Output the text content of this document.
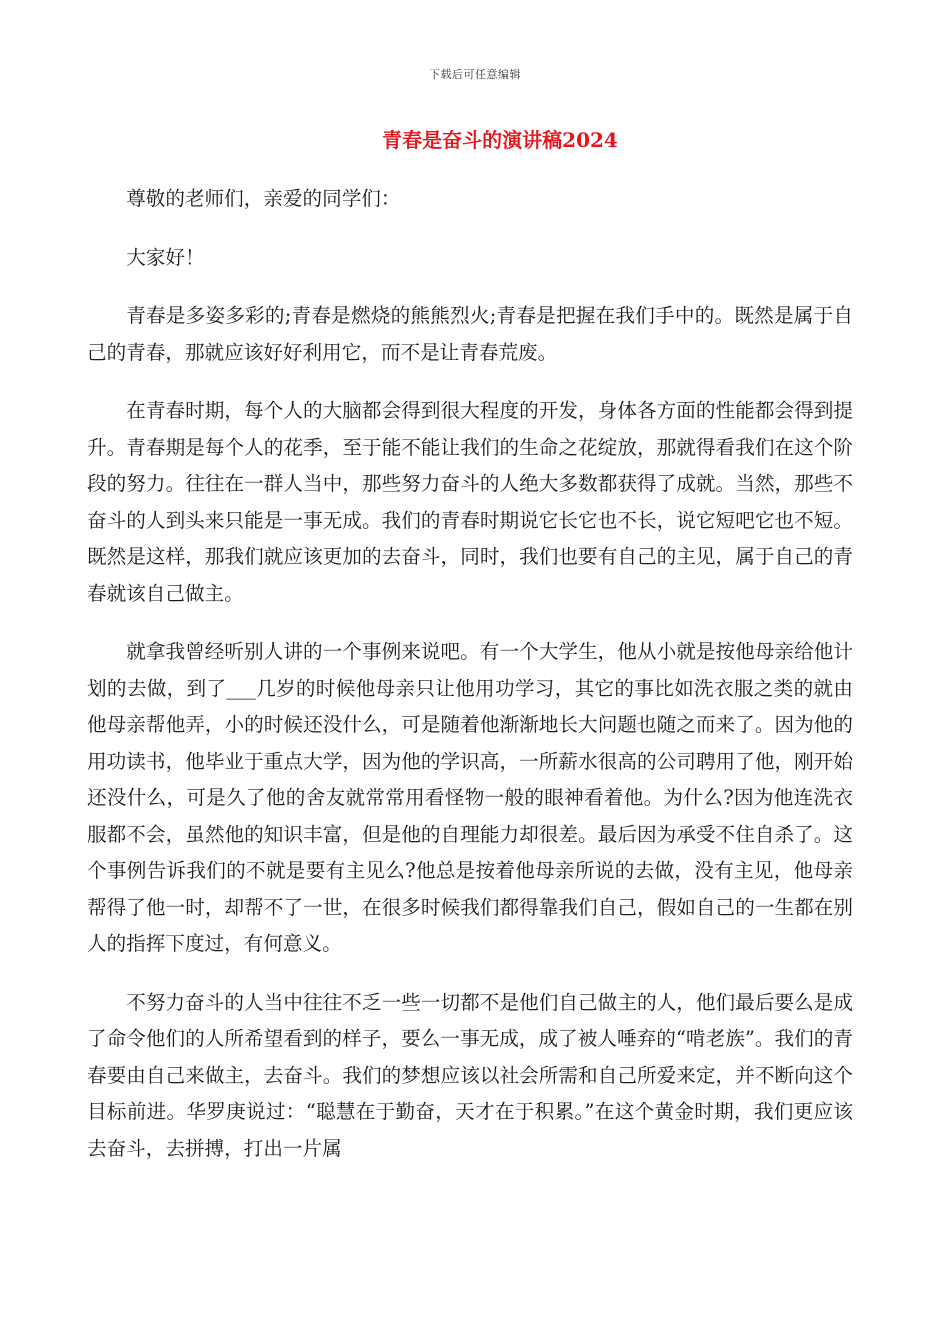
下载后可任意编辑
青春是奋斗的演讲稿2024

尊敬的老师们，亲爱的同学们：

大家好！

青春是多姿多彩的;青春是燃烧的熊熊烈火;青春是把握在我们手中的。既然是属于自己的青春，那就应该好好利用它，而不是让青春荒废。

在青春时期，每个人的大脑都会得到很大程度的开发，身体各方面的性能都会得到提升。青春期是每个人的花季，至于能不能让我们的生命之花绽放，那就得看我们在这个阶段的努力。往往在一群人当中，那些努力奋斗的人绝大多数都获得了成就。当然，那些不奋斗的人到头来只能是一事无成。我们的青春时期说它长它也不长，说它短吧它也不短。既然是这样，那我们就应该更加的去奋斗，同时，我们也要有自己的主见，属于自己的青春就该自己做主。

就拿我曾经听别人讲的一个事例来说吧。有一个大学生，他从小就是按他母亲给他计划的去做，到了___几岁的时候他母亲只让他用功学习，其它的事比如洗衣服之类的就由他母亲帮他弄，小的时候还没什么，可是随着他渐渐地长大问题也随之而来了。因为他的用功读书，他毕业于重点大学，因为他的学识高，一所薪水很高的公司聘用了他，刚开始还没什么，可是久了他的舍友就常常用看怪物一般的眼神看着他。为什么?因为他连洗衣服都不会，虽然他的知识丰富，但是他的自理能力却很差。最后因为承受不住自杀了。这个事例告诉我们的不就是要有主见么?他总是按着他母亲所说的去做，没有主见，他母亲帮得了他一时，却帮不了一世，在很多时候我们都得靠我们自己，假如自己的一生都在别人的指挥下度过，有何意义。

不努力奋斗的人当中往往不乏一些一切都不是他们自己做主的人，他们最后要么是成了命令他们的人所希望看到的样子，要么一事无成，成了被人唾弃的“啃老族”。我们的青春要由自己来做主，去奋斗。我们的梦想应该以社会所需和自己所爱来定，并不断向这个目标前进。华罗庚说过：“聪慧在于勤奋，天才在于积累。”在这个黄金时期，我们更应该去奋斗，去拼搏，打出一片属
